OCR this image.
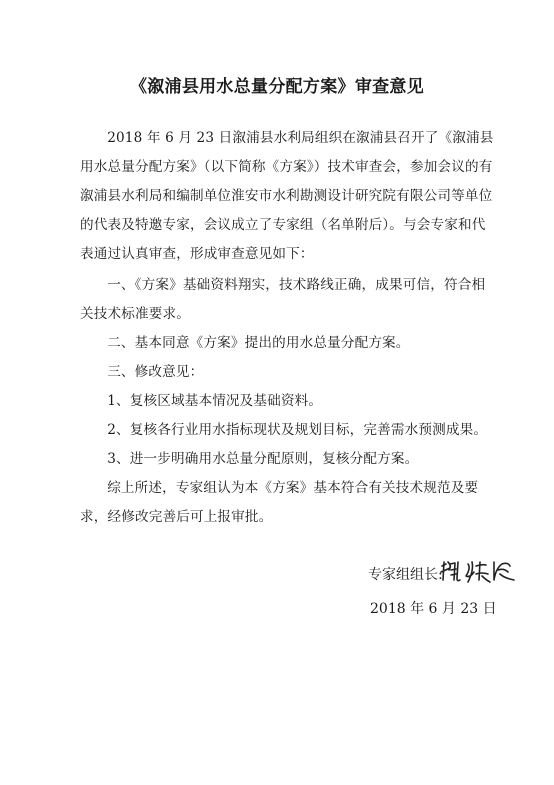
《溆浦县用水总量分配方案》审查意见
2018 年 6 月 23 日溆浦县水利局组织在溆浦县召开了《溆浦县用水总量分配方案》（以下简称《方案》）技术审查会，参加会议的有溆浦县水利局和编制单位淮安市水利勘测设计研究院有限公司等单位的代表及特邀专家，会议成立了专家组（名单附后）。与会专家和代表通过认真审查，形成审查意见如下：

一、《方案》基础资料翔实，技术路线正确，成果可信，符合相关技术标准要求。

二、基本同意《方案》提出的用水总量分配方案。

三、修改意见：

1、复核区域基本情况及基础资料。

2、复核各行业用水指标现状及规划目标，完善需水预测成果。

3、进一步明确用水总量分配原则，复核分配方案。

综上所述，专家组认为本《方案》基本符合有关技术规范及要求，经修改完善后可上报审批。

专家组组长:
2018 年 6 月 23 日
